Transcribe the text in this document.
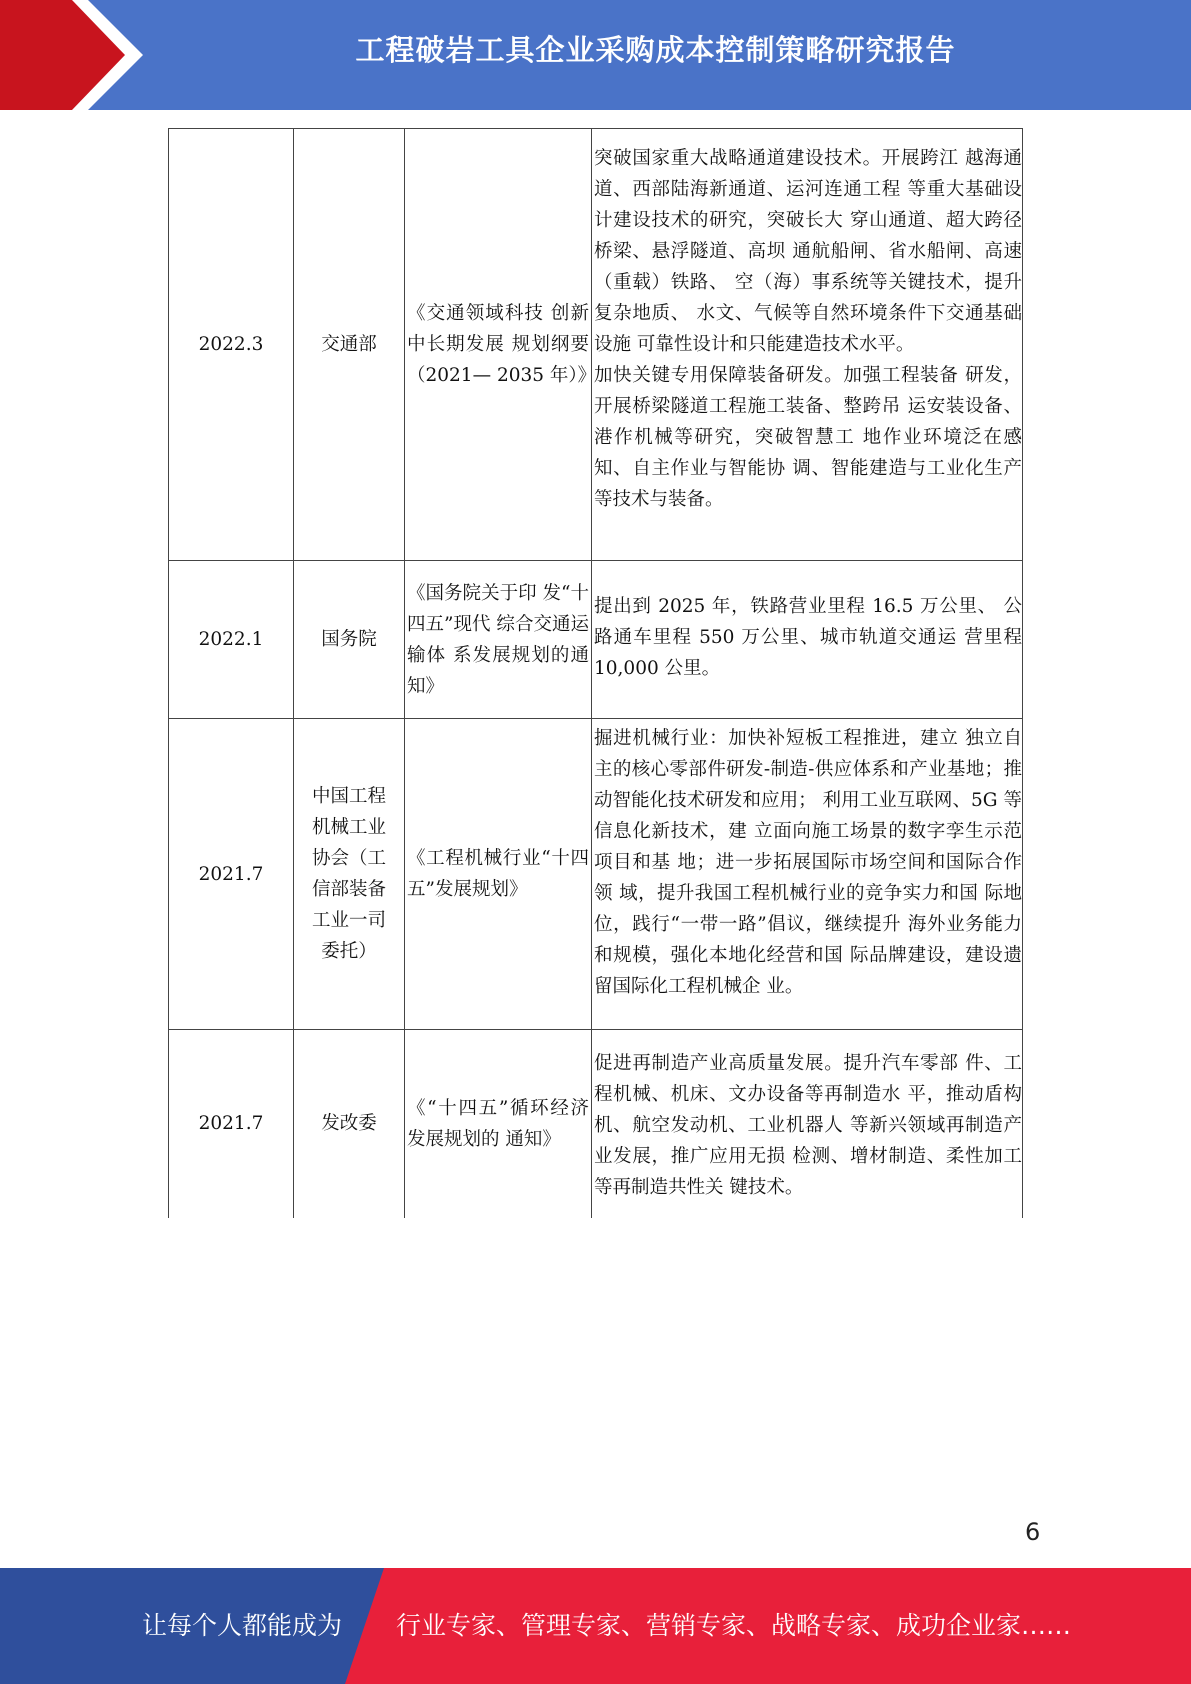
工程破岩工具企业采购成本控制策略研究报告
2022.3	交通部	《交通领域科技 创新中长期发展 规划纲要（2021— 2035 年）》	突破国家重大战略通道建设技术。开展跨江 越海通道、西部陆海新通道、运河连通工程 等重大基础设计建设技术的研究，突破长大 穿山通道、超大跨径桥梁、悬浮隧道、高坝 通航船闸、省水船闸、高速（重载）铁路、 空（海）事系统等关键技术，提升复杂地质、 水文、气候等自然环境条件下交通基础设施 可靠性设计和只能建造技术水平。

加快关键专用保障装备研发。加强工程装备 研发，开展桥梁隧道工程施工装备、整跨吊 运安装设备、港作机械等研究，突破智慧工 地作业环境泛在感知、自主作业与智能协 调、智能建造与工业化生产等技术与装备。

2022.1	国务院	《国务院关于印 发“十四五”现代 综合交通运输体 系发展规划的通 知》	提出到 2025 年，铁路营业里程 16.5 万公里、 公路通车里程 550 万公里、城市轨道交通运 营里程 10,000 公里。

2021.7	中国工程机械工业协会（工信部装备工业一司委托）	《工程机械行业“十四五”发展规划》	掘进机械行业：加快补短板工程推进，建立 独立自主的核心零部件研发-制造-供应体系和产业基地；推动智能化技术研发和应用； 利用工业互联网、5G 等信息化新技术，建 立面向施工场景的数字孪生示范项目和基 地；进一步拓展国际市场空间和国际合作领 域，提升我国工程机械行业的竞争实力和国 际地位，践行“一带一路”倡议，继续提升 海外业务能力和规模，强化本地化经营和国 际品牌建设，建设遗留国际化工程机械企 业。

2021.7	发改委	《“十四五”循环经济发展规划的 通知》	促进再制造产业高质量发展。提升汽车零部 件、工程机械、机床、文办设备等再制造水 平，推动盾构机、航空发动机、工业机器人 等新兴领域再制造产业发展，推广应用无损 检测、增材制造、柔性加工等再制造共性关 键技术。

6
让每个人都能成为 行业专家、管理专家、营销专家、战略专家、成功企业家……
